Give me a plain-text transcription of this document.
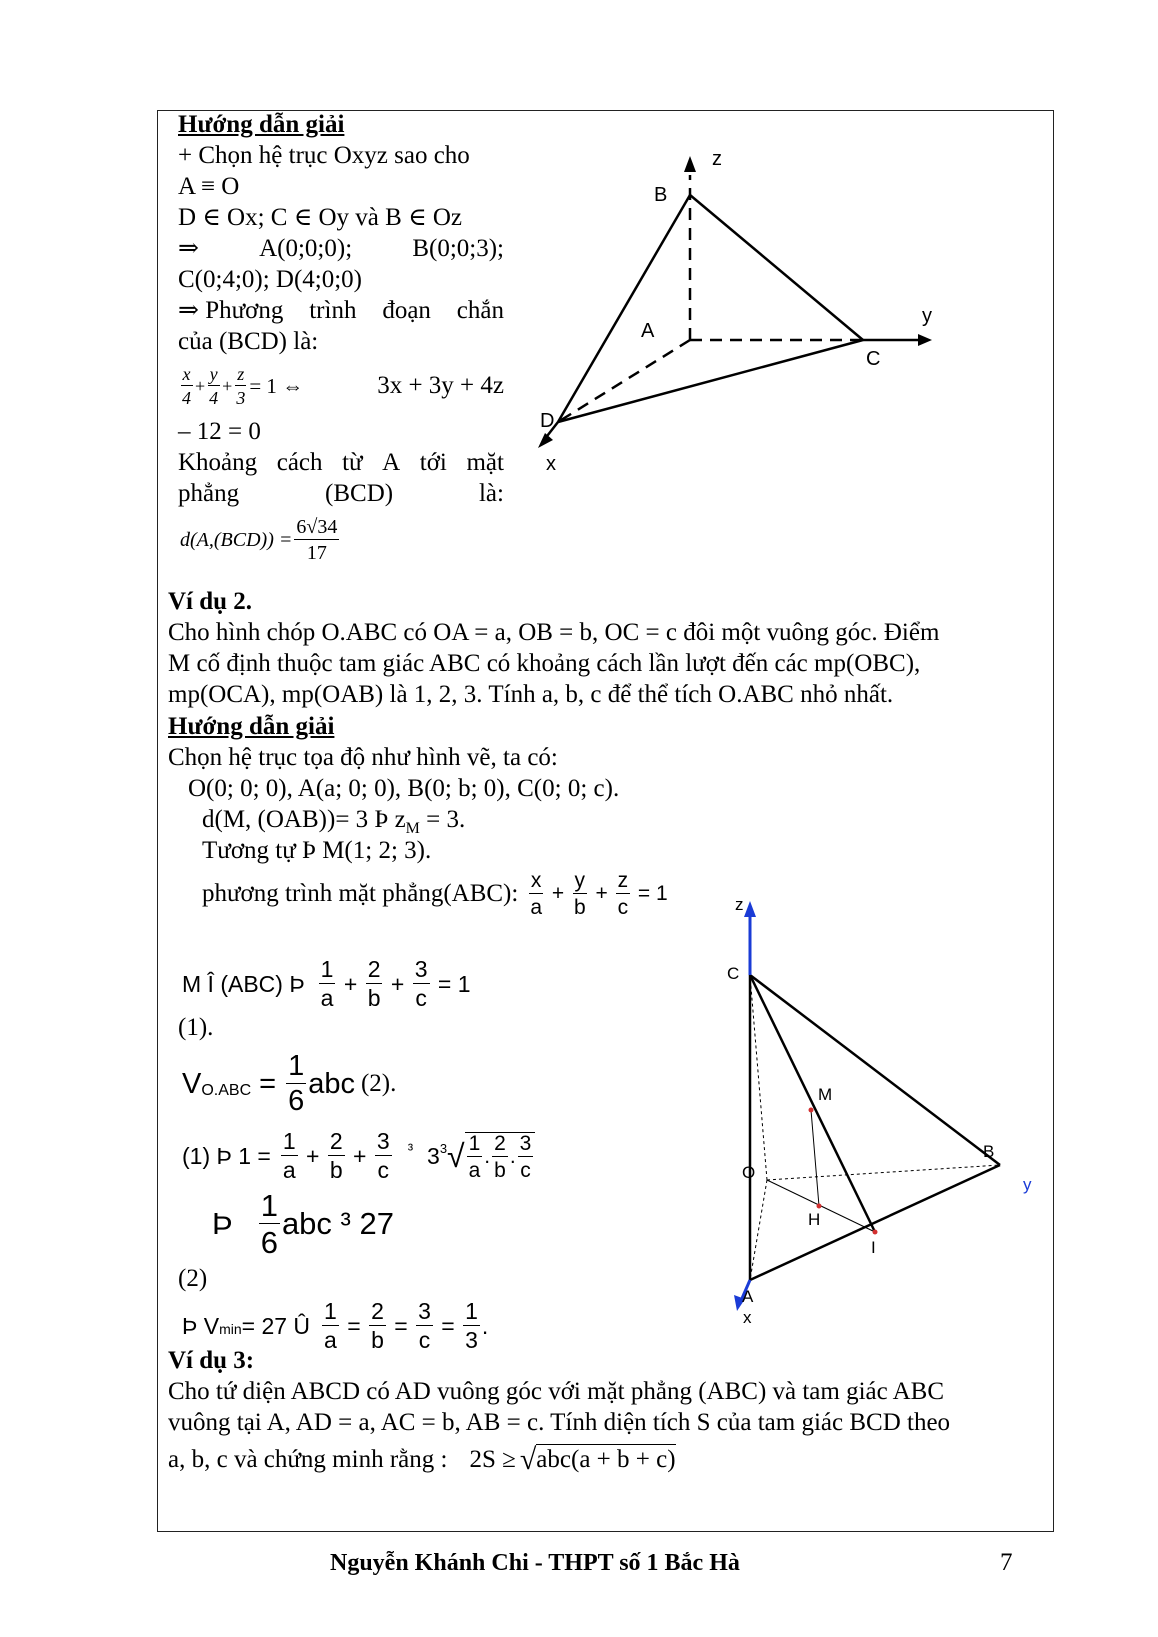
Hướng dẫn giải
+ Chọn hệ trục Oxyz sao cho
A ≡ O
D ∈ Ox; C ∈ Oy và B ∈ Oz
⇒ A(0;0;0); B(0;0;3);
C(0;4;0); D(4;0;0)
⇒ Phương trình đoạn chắn
của (BCD) là:
$\frac{x}{4} + \frac{y}{4} + \frac{z}{3} = 1$ ⇔	3x + 3y + 4z
– 12 = 0
Khoảng cách từ A tới mặt
phẳng	(BCD)	là:
$d(A,(BCD)) = \frac{6√34}{17}$
z
y
x
B
A
C
D
Ví dụ 2.
Cho hình chóp O.ABC có OA = a, OB = b, OC = c đôi một vuông góc. Điểm
M cố định thuộc tam giác ABC có khoảng cách lần lượt đến các mp(OBC),
mp(OCA), mp(OAB) là 1, 2, 3. Tính a, b, c để thể tích O.ABC nhỏ nhất.
Hướng dẫn giải
Chọn hệ trục tọa độ như hình vẽ, ta có:
O(0; 0; 0), A(a; 0; 0), B(0; b; 0), C(0; 0; c).
d(M, (OAB))= 3 Þ $z_M = 3$.
Tương tự Þ M(1; 2; 3).
phương trình mặt phẳng(ABC): $\frac{x}{a} + \frac{y}{b} + \frac{z}{c}$
= 1
M Î (ABC) Þ $\frac{1}{a} + \frac{2}{b} + \frac{3}{c}$
= 1
(1).
$V_{O.ABC} = \frac{1}{6}$ abc (2).
(1) Þ $1 = \frac{1}{a} + \frac{2}{b} + \frac{3}{c} ^3$ $3^3$ √ $\frac{1}{a}$ . $\frac{2}{b}$ . $\frac{3}{c}$
Þ $\frac{1}{6}$ abc ³ 27
(2)
Þ V min = 27 Û $\frac{1}{a} = \frac{2}{b} = \frac{3}{c} = \frac{1}{3}$ .
z
C
M
B
y
O
H
I
A
x
Ví dụ 3:
Cho tứ diện ABCD có AD vuông góc với mặt phẳng (ABC) và tam giác ABC
vuông tại A, AD = a, AC = b, AB = c. Tính diện tích S của tam giác BCD theo
a, b, c và chứng minh rằng : 2S ≥ √ abc(a + b + c)
Nguyễn Khánh Chi - THPT số 1 Bắc Hà	7
